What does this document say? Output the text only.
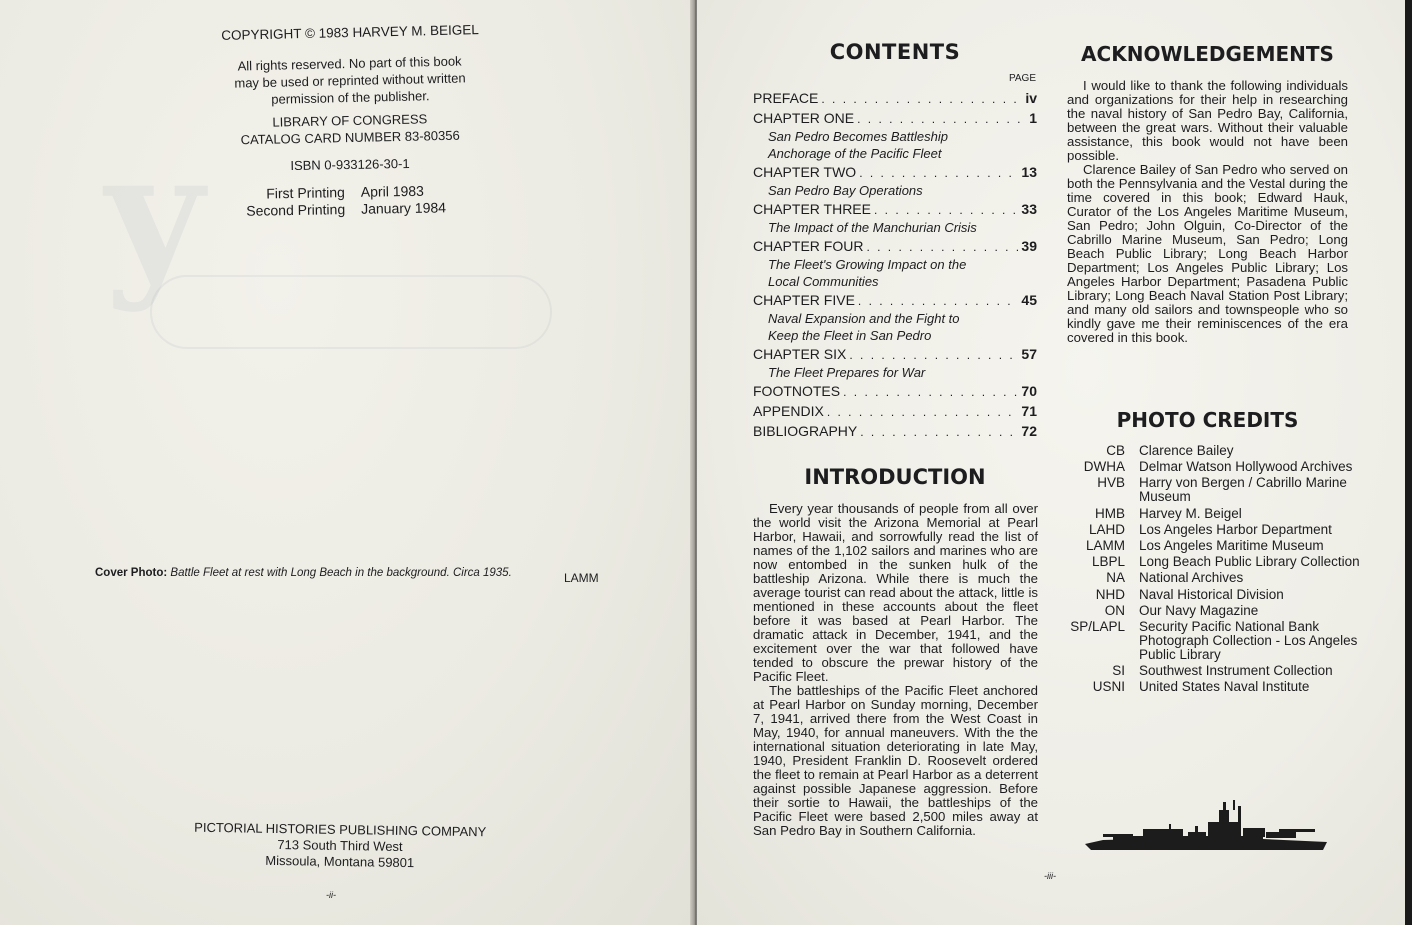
y
COPYRIGHT © 1983 HARVEY M. BEIGEL
All rights reserved. No part of this book
may be used or reprinted without written
permission of the publisher.
LIBRARY OF CONGRESS
CATALOG CARD NUMBER 83-80356
ISBN 0-933126-30-1
First Printing	April 1983
Second Printing	January 1984
Cover Photo: Battle Fleet at rest with Long Beach in the background. Circa 1935.	LAMM
PICTORIAL HISTORIES PUBLISHING COMPANY
713 South Third West
Missoula, Montana 59801
-ii-
CONTENTS
PAGE
PREFACE . . .	iv
CHAPTER ONE . . .	1
San Pedro Becomes Battleship
Anchorage of the Pacific Fleet
CHAPTER TWO . . .	13
San Pedro Bay Operations
CHAPTER THREE . . .	33
The Impact of the Manchurian Crisis
CHAPTER FOUR . . .	39
The Fleet's Growing Impact on the
Local Communities
CHAPTER FIVE . . .	45
Naval Expansion and the Fight to
Keep the Fleet in San Pedro
CHAPTER SIX . . .	57
The Fleet Prepares for War
FOOTNOTES . . .	70
APPENDIX . . .	71
BIBLIOGRAPHY . . .	72
INTRODUCTION

Every year thousands of people from all over the world visit the Arizona Memorial at Pearl Harbor, Hawaii, and sorrowfully read the list of names of the 1,102 sailors and marines who are now entombed in the sunken hulk of the battleship Arizona. While there is much the average tourist can read about the attack, little is mentioned in these accounts about the fleet before it was based at Pearl Harbor. The dramatic attack in December, 1941, and the excitement over the war that followed have tended to obscure the prewar history of the Pacific Fleet.

The battleships of the Pacific Fleet anchored at Pearl Harbor on Sunday morning, December 7, 1941, arrived there from the West Coast in May, 1940, for annual maneuvers. With the the international situation deteriorating in late May, 1940, President Franklin D. Roosevelt ordered the fleet to remain at Pearl Harbor as a deterrent against possible Japanese aggression. Before their sortie to Hawaii, the battleships of the Pacific Fleet were based 2,500 miles away at San Pedro Bay in Southern California.

ACKNOWLEDGEMENTS

I would like to thank the following individuals and organizations for their help in researching the naval history of San Pedro Bay, California, between the great wars. Without their valuable assistance, this book would not have been possible.

Clarence Bailey of San Pedro who served on both the Pennsylvania and the Vestal during the time covered in this book; Edward Hauk, Curator of the Los Angeles Maritime Museum, San Pedro; John Olguin, Co-Director of the Cabrillo Marine Museum, San Pedro; Long Beach Public Library; Long Beach Harbor Department; Los Angeles Public Library; Los Angeles Harbor Department; Pasadena Public Library; Long Beach Naval Station Post Library; and many old sailors and townspeople who so kindly gave me their reminiscences of the era covered in this book.

PHOTO CREDITS
CB	Clarence Bailey
DWHA	Delmar Watson Hollywood Archives
HVB	Harry von Bergen / Cabrillo Marine Museum
HMB	Harvey M. Beigel
LAHD	Los Angeles Harbor Department
LAMM	Los Angeles Maritime Museum
LBPL	Long Beach Public Library Collection
NA	National Archives
NHD	Naval Historical Division
ON	Our Navy Magazine
SP/LAPL	Security Pacific National Bank Photograph Collection - Los Angeles Public Library
SI	Southwest Instrument Collection
USNI	United States Naval Institute
-iii-
